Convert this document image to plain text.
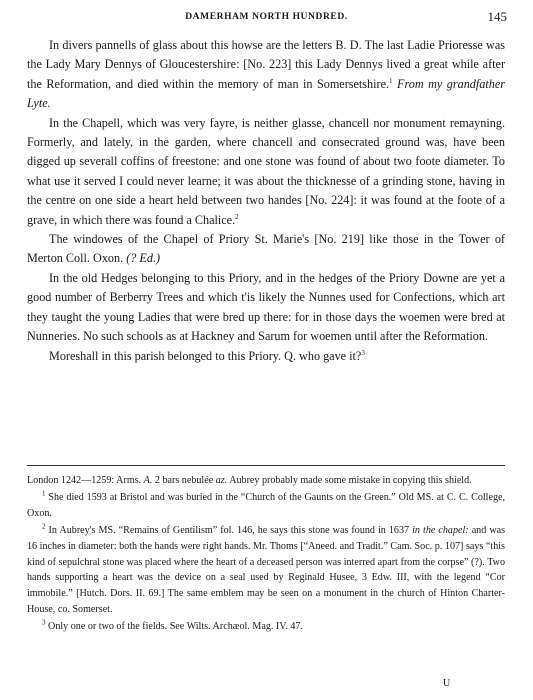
DAMERHAM NORTH HUNDRED.	145

In divers pannells of glass about this howse are the letters B. D. The last Ladie Prioresse was the Lady Mary Dennys of Gloucestershire: [No. 223] this Lady Dennys lived a great while after the Reformation, and died within the memory of man in Somersetshire.$^1$ From my grandfather Lyte.

In the Chapell, which was very fayre, is neither glasse, chancell nor monument remayning. Formerly, and lately, in the garden, where chancell and consecrated ground was, have been digged up severall coffins of freestone: and one stone was found of about two foote diameter. To what use it served I could never learne; it was about the thicknesse of a grinding stone, having in the centre on one side a heart held between two handes [No. 224]: it was found at the foote of a grave, in which there was found a Chalice.$^2$

The windowes of the Chapel of Priory St. Marie's [No. 219] like those in the Tower of Merton Coll. Oxon. (? Ed.)

In the old Hedges belonging to this Priory, and in the hedges of the Priory Downe are yet a good number of Berberry Trees and which t'is likely the Nunnes used for Confections, which art they taught the young Ladies that were bred up there: for in those days the woemen were bred at Nunneries. No such schools as at Hackney and Sarum for woemen until after the Reformation.

Moreshall in this parish belonged to this Priory. Q. who gave it?$^3$

London 1242—1259: Arms. A. 2 bars nebulée az. Aubrey probably made some mistake in copying this shield.

$^1$ She died 1593 at Bristol and was buried in the “Church of the Gaunts on the Green.” Old MS. at C. C. College, Oxon.

$^2$ In Aubrey's MS. “Remains of Gentilism” fol. 146, he says this stone was found in 1637 in the chapel: and was 16 inches in diameter: both the hands were right hands. Mr. Thoms [“Aneed. and Tradit.” Cam. Soc. p. 107] says “this kind of sepulchral stone was placed where the heart of a deceased person was interred apart from the corpse” (?). Two hands supporting a heart was the device on a seal used by Reginald Husee, 3 Edw. III, with the legend “Cor immobile.” [Hutch. Dors. II. 69.] The same emblem may be seen on a monument in the church of Hinton Charter-House, co. Somerset.

$^3$ Only one or two of the fields. See Wilts. Archæol. Mag. IV. 47.

U
